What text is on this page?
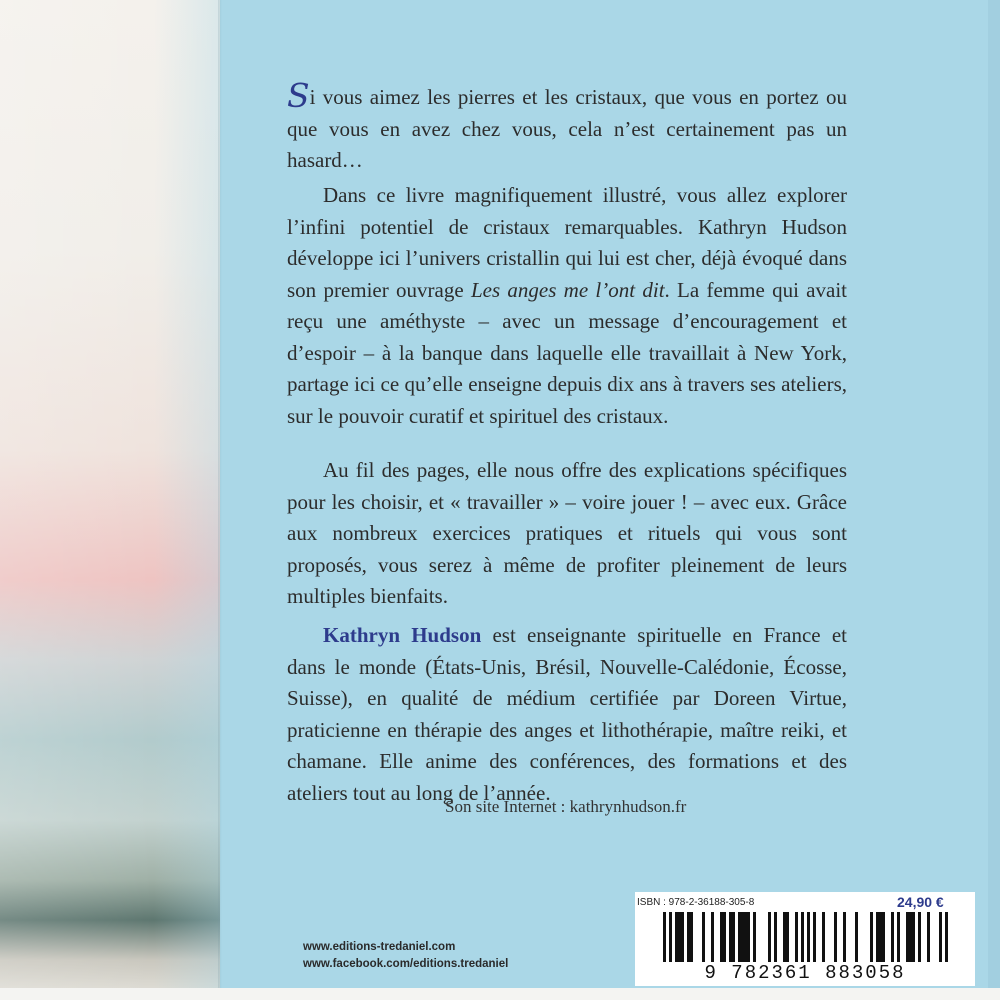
Si vous aimez les pierres et les cristaux, que vous en portez ou que vous en avez chez vous, cela n’est certainement pas un hasard…

Dans ce livre magnifiquement illustré, vous allez explorer l’infini potentiel de cristaux remarquables. Kathryn Hudson développe ici l’univers cristallin qui lui est cher, déjà évoqué dans son premier ouvrage Les anges me l’ont dit. La femme qui avait reçu une améthyste – avec un message d’encouragement et d’espoir – à la banque dans laquelle elle travaillait à New York, partage ici ce qu’elle enseigne depuis dix ans à travers ses ateliers, sur le pouvoir curatif et spirituel des cristaux.

Au fil des pages, elle nous offre des explications spécifiques pour les choisir, et « travailler » – voire jouer ! – avec eux. Grâce aux nombreux exercices pratiques et rituels qui vous sont proposés, vous serez à même de profiter pleinement de leurs multiples bienfaits.

Kathryn Hudson est enseignante spirituelle en France et dans le monde (États-Unis, Brésil, Nouvelle-Calédonie, Écosse, Suisse), en qualité de médium certifiée par Doreen Virtue, praticienne en thérapie des anges et lithothérapie, maître reiki, et chamane. Elle anime des conférences, des formations et des ateliers tout au long de l’année.

Son site Internet : kathrynhudson.fr
www.editions-tredaniel.com
www.facebook.com/editions.tredaniel
ISBN : 978-2-36188-305-8	24,90 €
9 782361 883058
